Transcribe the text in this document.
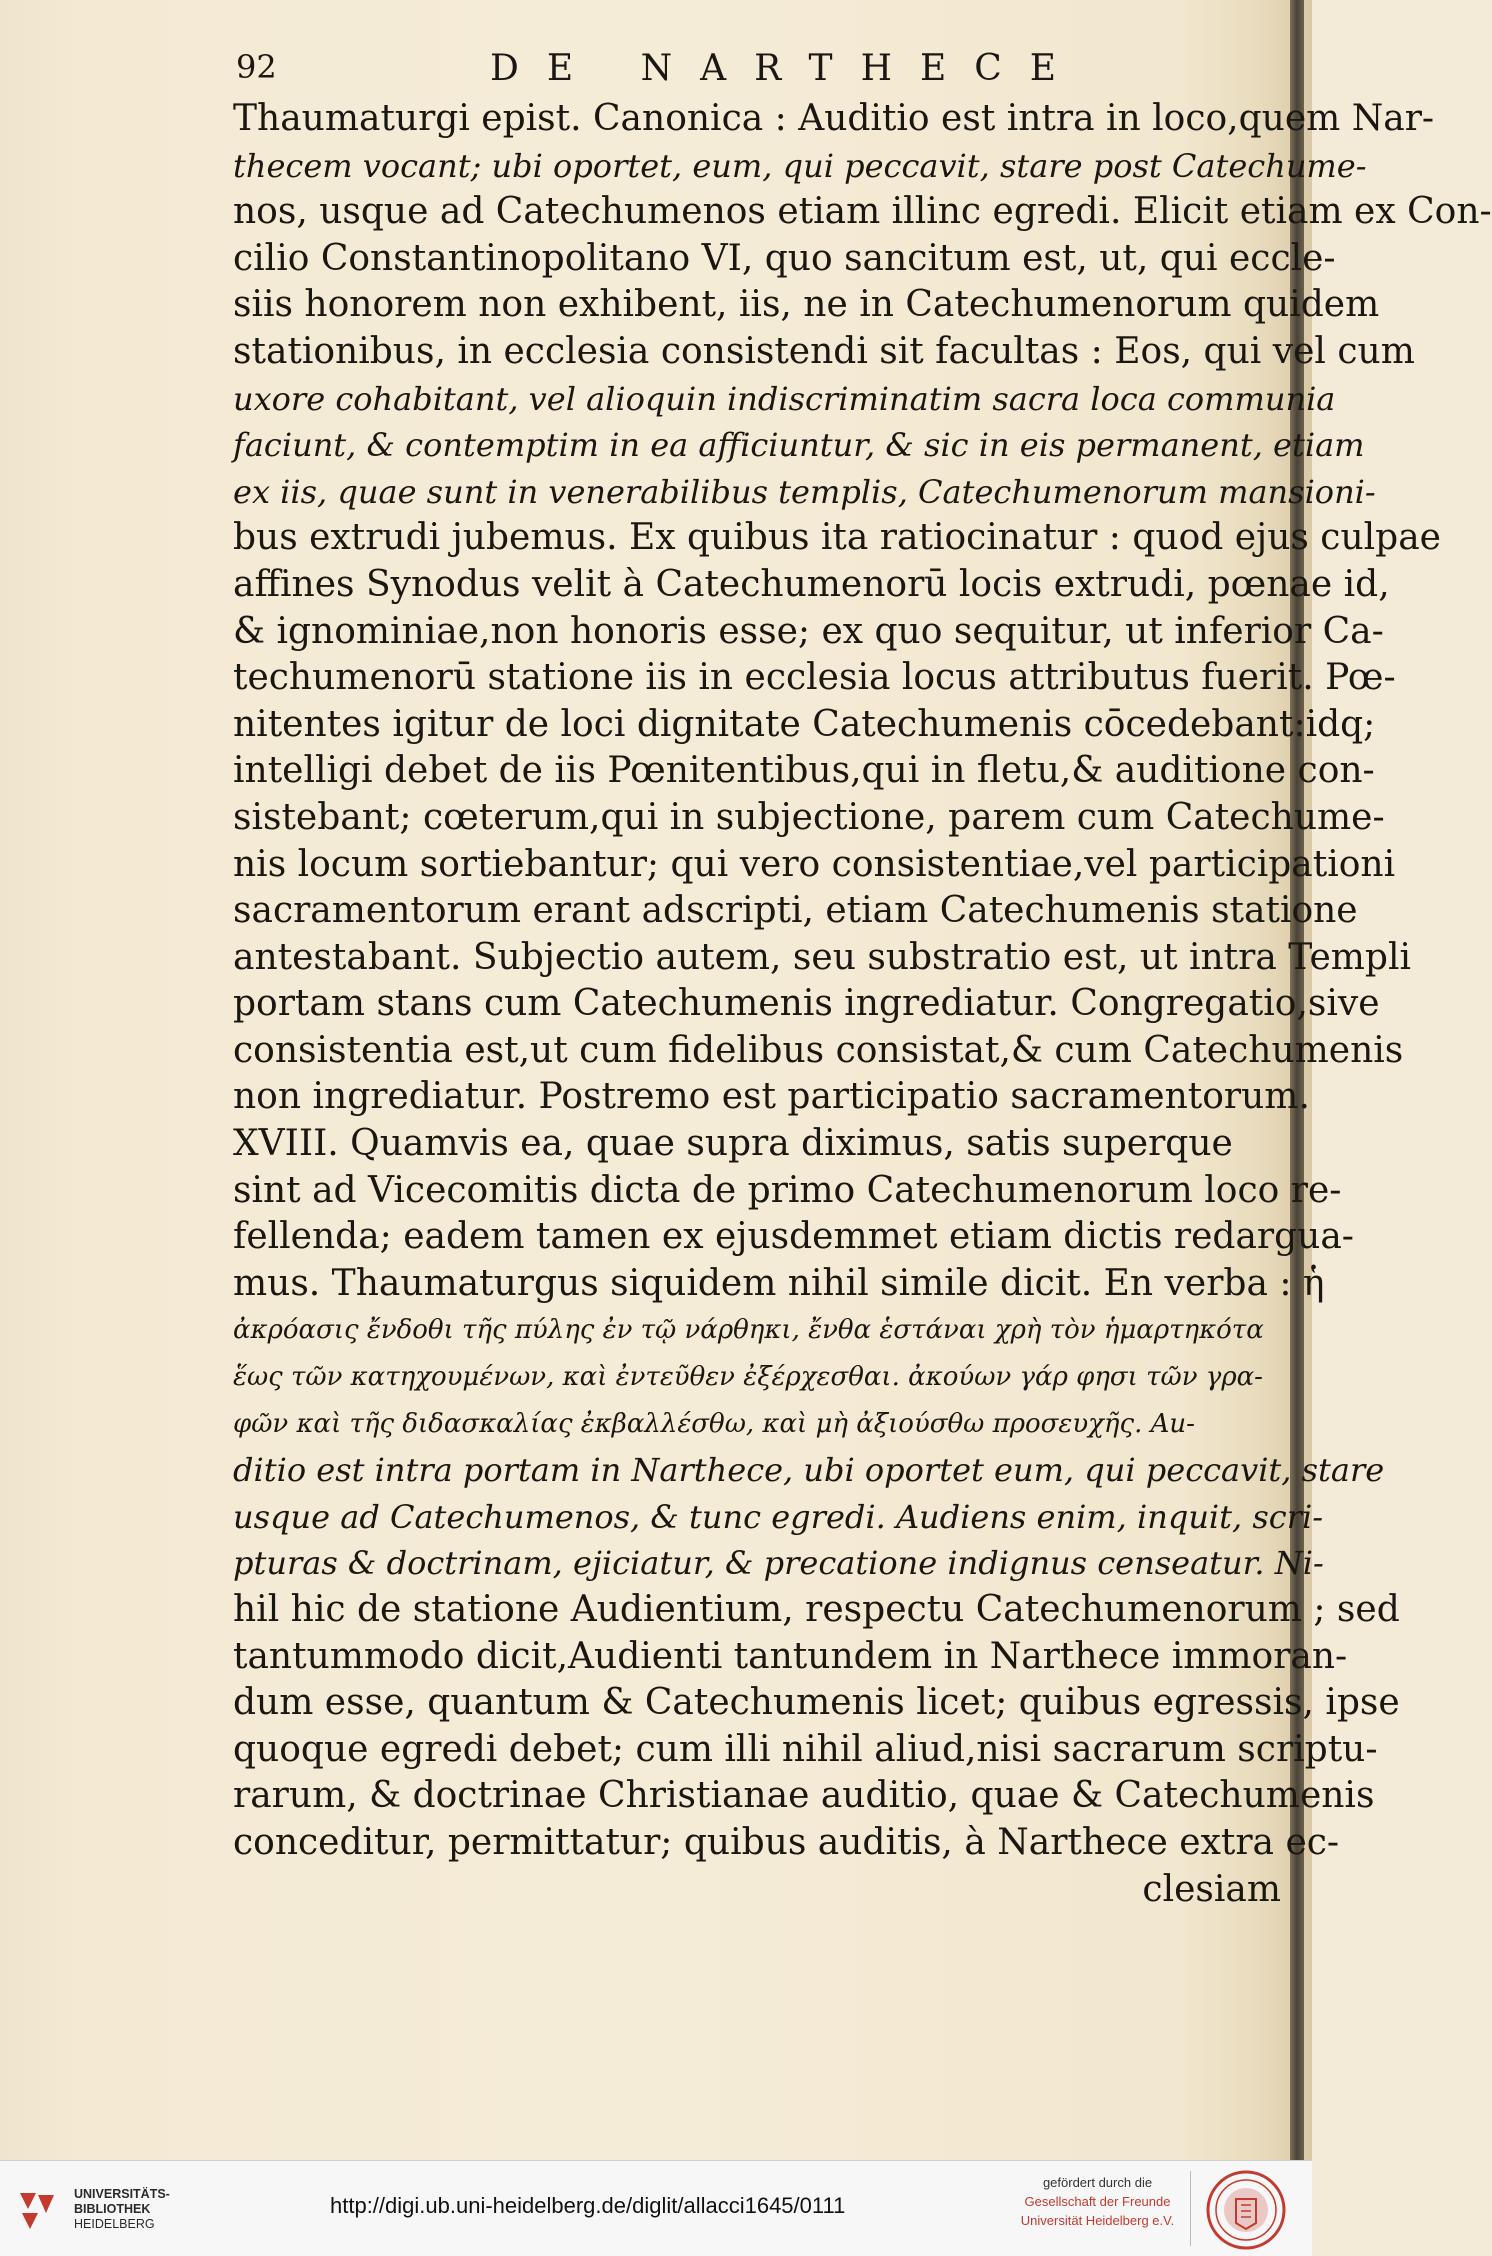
92	DE NARTHECE
Thaumaturgi epist. Canonica : Auditio est intra in loco,quem Nar-
thecem vocant; ubi oportet, eum, qui peccavit, stare post Catechume-
nos, usque ad Catechumenos etiam illinc egredi. Elicit etiam ex Con-
cilio Constantinopolitano VI, quo sancitum est, ut, qui eccle-
siis honorem non exhibent, iis, ne in Catechumenorum quidem
stationibus, in ecclesia consistendi sit facultas : Eos, qui vel cum
uxore cohabitant, vel alioquin indiscriminatim sacra loca communia
faciunt, & contemptim in ea afficiuntur, & sic in eis permanent, etiam
ex iis, quae sunt in venerabilibus templis, Catechumenorum mansioni-
bus extrudi jubemus. Ex quibus ita ratiocinatur : quod ejus culpae
affines Synodus velit à Catechumenorū locis extrudi, pœnae id,
& ignominiae,non honoris esse; ex quo sequitur, ut inferior Ca-
techumenorū statione iis in ecclesia locus attributus fuerit. Pœ-
nitentes igitur de loci dignitate Catechumenis cōcedebant:idq;
intelligi debet de iis Pœnitentibus,qui in fletu,& auditione con-
sistebant; cœterum,qui in subjectione, parem cum Catechume-
nis locum sortiebantur; qui vero consistentiae,vel participationi
sacramentorum erant adscripti, etiam Catechumenis statione
antestabant. Subjectio autem, seu substratio est, ut intra Templi
portam stans cum Catechumenis ingrediatur. Congregatio,sive
consistentia est,ut cum fidelibus consistat,& cum Catechumenis
non ingrediatur. Postremo est participatio sacramentorum.
XVIII. Quamvis ea, quae supra diximus, satis superque
sint ad Vicecomitis dicta de primo Catechumenorum loco re-
fellenda; eadem tamen ex ejusdemmet etiam dictis redargua-
mus. Thaumaturgus siquidem nihil simile dicit. En verba : ἡ
ἀκρόασις ἔνδοθι τῆς πύλης ἐν τῷ νάρθηκι, ἔνθα ἑστάναι χρὴ τὸν ἡμαρτηκότα
ἕως τῶν κατηχουμένων, καὶ ἐντεῦθεν ἐξέρχεσθαι. ἀκούων γάρ φησι τῶν γρα-
φῶν καὶ τῆς διδασκαλίας ἐκβαλλέσθω, καὶ μὴ ἀξιούσθω προσευχῆς. Au-
ditio est intra portam in Narthece, ubi oportet eum, qui peccavit, stare
usque ad Catechumenos, & tunc egredi. Audiens enim, inquit, scri-
pturas & doctrinam, ejiciatur, & precatione indignus censeatur. Ni-
hil hic de statione Audientium, respectu Catechumenorum ; sed
tantummodo dicit,Audienti tantundem in Narthece immoran-
dum esse, quantum & Catechumenis licet; quibus egressis, ipse
quoque egredi debet; cum illi nihil aliud,nisi sacrarum scriptu-
rarum, & doctrinae Christianae auditio, quae & Catechumenis
conceditur, permittatur; quibus auditis, à Narthece extra ec-
clesiam
UNIVERSITÄTS-
BIBLIOTHEK
HEIDELBERG
http://digi.ub.uni-heidelberg.de/diglit/allacci1645/0111
gefördert durch die
Gesellschaft der Freunde
Universität Heidelberg e.V.
